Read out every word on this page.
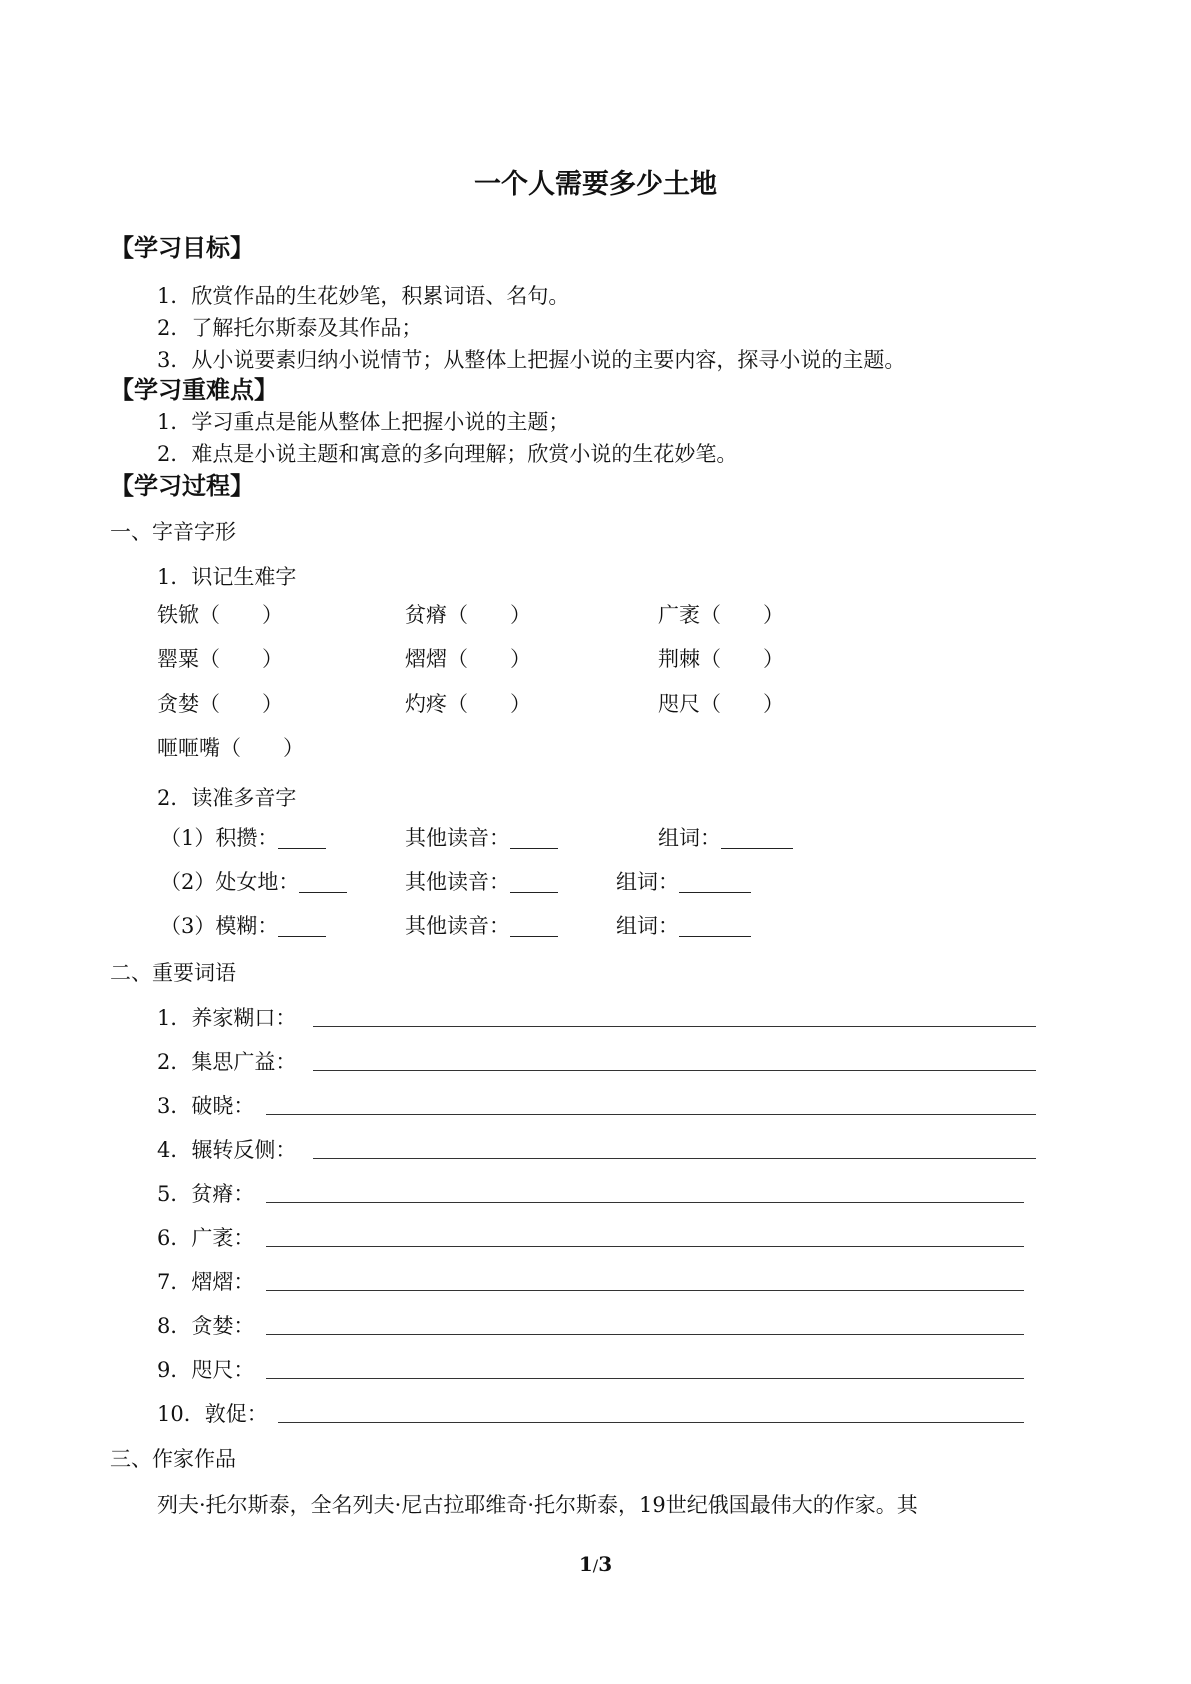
一个人需要多少土地
【学习目标】
1．欣赏作品的生花妙笔，积累词语、名句。
2．了解托尔斯泰及其作品；
3．从小说要素归纳小说情节；从整体上把握小说的主要内容，探寻小说的主题。
【学习重难点】
1．学习重点是能从整体上把握小说的主题；
2．难点是小说主题和寓意的多向理解；欣赏小说的生花妙笔。
【学习过程】
一、字音字形
1．识记生难字
铁锨（　　）	贫瘠（　　）	广袤（　　）
罂粟（　　）	熠熠（　　）	荆棘（　　）
贪婪（　　）	灼疼（　　）	咫尺（　　）
咂咂嘴（　　）
2．读准多音字
（1）积攒：	其他读音：	组词：
（2）处女地：	其他读音：	组词：
（3）模糊：	其他读音：	组词：
二、重要词语
1．养家糊口：
2．集思广益：
3．破晓：
4．辗转反侧：
5．贫瘠：
6．广袤：
7．熠熠：
8．贪婪：
9．咫尺：
10．敦促：
三、作家作品
列夫·托尔斯泰，全名列夫·尼古拉耶维奇·托尔斯泰，19世纪俄国最伟大的作家。其
1/3
